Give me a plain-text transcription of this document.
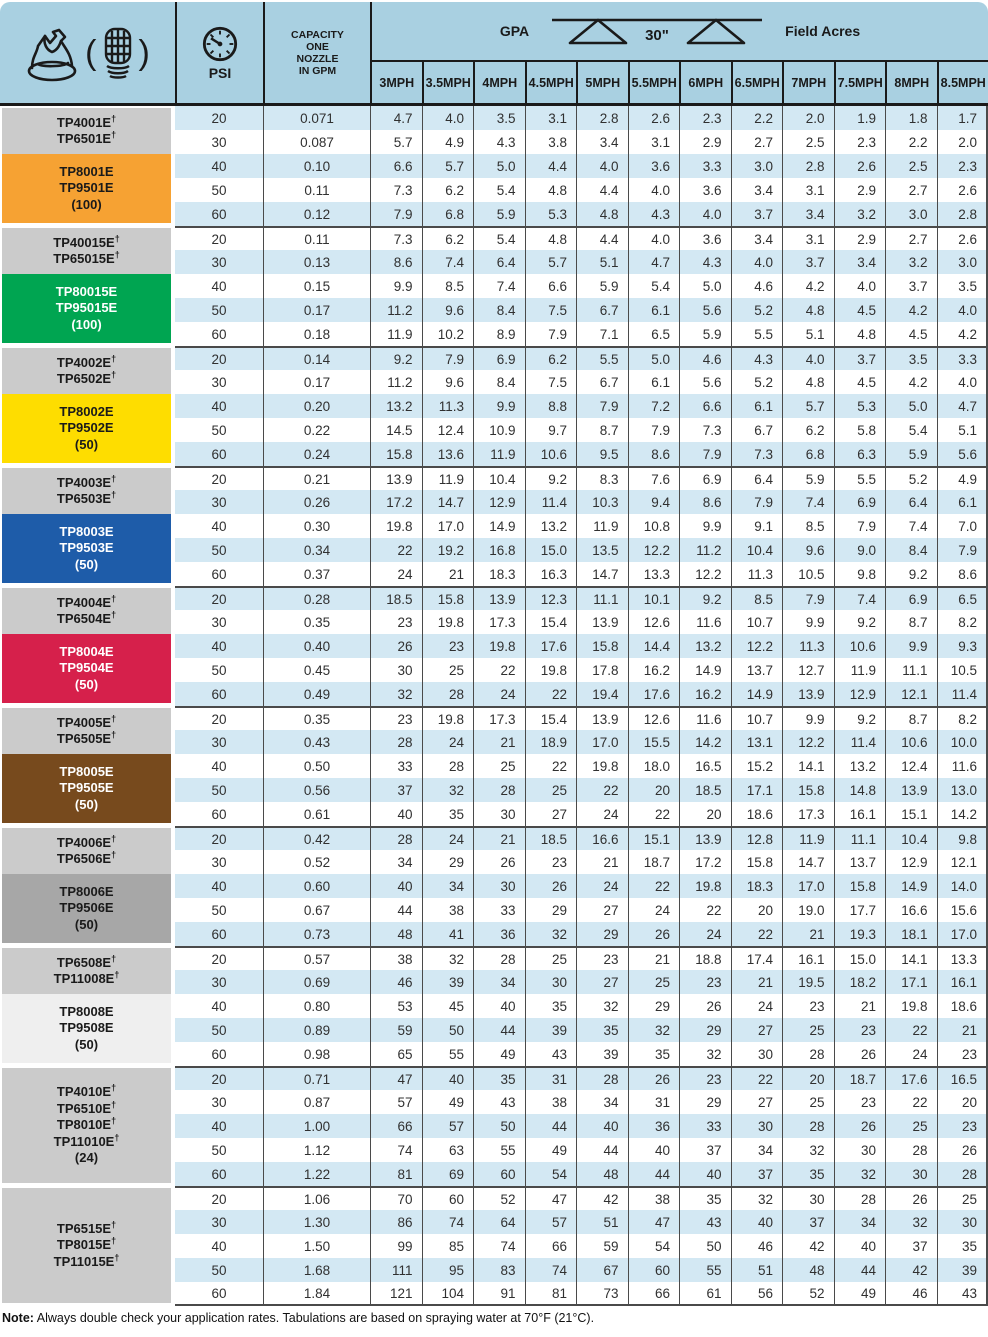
( )
PSI
CAPACITY
ONE
NOZZLE
IN GPM
GPA	30"	Field Acres
3 MPH 3.5 MPH 4 MPH 4.5 MPH 5 MPH 5.5 MPH 6 MPH 6.5 MPH 7 MPH 7.5 MPH 8 MPH 8.5 MPH
TP4001E†
TP6501E†
TP8001E
TP9501E
(100)
20	0.071	4.7	4.0	3.5	3.1	2.8	2.6	2.3	2.2	2.0	1.9	1.8	1.7
30	0.087	5.7	4.9	4.3	3.8	3.4	3.1	2.9	2.7	2.5	2.3	2.2	2.0
40	0.10	6.6	5.7	5.0	4.4	4.0	3.6	3.3	3.0	2.8	2.6	2.5	2.3
50	0.11	7.3	6.2	5.4	4.8	4.4	4.0	3.6	3.4	3.1	2.9	2.7	2.6
60	0.12	7.9	6.8	5.9	5.3	4.8	4.3	4.0	3.7	3.4	3.2	3.0	2.8
TP40015E†
TP65015E†
TP80015E
TP95015E
(100)
20	0.11	7.3	6.2	5.4	4.8	4.4	4.0	3.6	3.4	3.1	2.9	2.7	2.6
30	0.13	8.6	7.4	6.4	5.7	5.1	4.7	4.3	4.0	3.7	3.4	3.2	3.0
40	0.15	9.9	8.5	7.4	6.6	5.9	5.4	5.0	4.6	4.2	4.0	3.7	3.5
50	0.17	11.2	9.6	8.4	7.5	6.7	6.1	5.6	5.2	4.8	4.5	4.2	4.0
60	0.18	11.9	10.2	8.9	7.9	7.1	6.5	5.9	5.5	5.1	4.8	4.5	4.2
TP4002E†
TP6502E†
TP8002E
TP9502E
(50)
20	0.14	9.2	7.9	6.9	6.2	5.5	5.0	4.6	4.3	4.0	3.7	3.5	3.3
30	0.17	11.2	9.6	8.4	7.5	6.7	6.1	5.6	5.2	4.8	4.5	4.2	4.0
40	0.20	13.2	11.3	9.9	8.8	7.9	7.2	6.6	6.1	5.7	5.3	5.0	4.7
50	0.22	14.5	12.4	10.9	9.7	8.7	7.9	7.3	6.7	6.2	5.8	5.4	5.1
60	0.24	15.8	13.6	11.9	10.6	9.5	8.6	7.9	7.3	6.8	6.3	5.9	5.6
TP4003E†
TP6503E†
TP8003E
TP9503E
(50)
20	0.21	13.9	11.9	10.4	9.2	8.3	7.6	6.9	6.4	5.9	5.5	5.2	4.9
30	0.26	17.2	14.7	12.9	11.4	10.3	9.4	8.6	7.9	7.4	6.9	6.4	6.1
40	0.30	19.8	17.0	14.9	13.2	11.9	10.8	9.9	9.1	8.5	7.9	7.4	7.0
50	0.34	22	19.2	16.8	15.0	13.5	12.2	11.2	10.4	9.6	9.0	8.4	7.9
60	0.37	24	21	18.3	16.3	14.7	13.3	12.2	11.3	10.5	9.8	9.2	8.6
TP4004E†
TP6504E†
TP8004E
TP9504E
(50)
20	0.28	18.5	15.8	13.9	12.3	11.1	10.1	9.2	8.5	7.9	7.4	6.9	6.5
30	0.35	23	19.8	17.3	15.4	13.9	12.6	11.6	10.7	9.9	9.2	8.7	8.2
40	0.40	26	23	19.8	17.6	15.8	14.4	13.2	12.2	11.3	10.6	9.9	9.3
50	0.45	30	25	22	19.8	17.8	16.2	14.9	13.7	12.7	11.9	11.1	10.5
60	0.49	32	28	24	22	19.4	17.6	16.2	14.9	13.9	12.9	12.1	11.4
TP4005E†
TP6505E†
TP8005E
TP9505E
(50)
20	0.35	23	19.8	17.3	15.4	13.9	12.6	11.6	10.7	9.9	9.2	8.7	8.2
30	0.43	28	24	21	18.9	17.0	15.5	14.2	13.1	12.2	11.4	10.6	10.0
40	0.50	33	28	25	22	19.8	18.0	16.5	15.2	14.1	13.2	12.4	11.6
50	0.56	37	32	28	25	22	20	18.5	17.1	15.8	14.8	13.9	13.0
60	0.61	40	35	30	27	24	22	20	18.6	17.3	16.1	15.1	14.2
TP4006E†
TP6506E†
TP8006E
TP9506E
(50)
20	0.42	28	24	21	18.5	16.6	15.1	13.9	12.8	11.9	11.1	10.4	9.8
30	0.52	34	29	26	23	21	18.7	17.2	15.8	14.7	13.7	12.9	12.1
40	0.60	40	34	30	26	24	22	19.8	18.3	17.0	15.8	14.9	14.0
50	0.67	44	38	33	29	27	24	22	20	19.0	17.7	16.6	15.6
60	0.73	48	41	36	32	29	26	24	22	21	19.3	18.1	17.0
TP6508E†
TP11008E†
TP8008E
TP9508E
(50)
20	0.57	38	32	28	25	23	21	18.8	17.4	16.1	15.0	14.1	13.3
30	0.69	46	39	34	30	27	25	23	21	19.5	18.2	17.1	16.1
40	0.80	53	45	40	35	32	29	26	24	23	21	19.8	18.6
50	0.89	59	50	44	39	35	32	29	27	25	23	22	21
60	0.98	65	55	49	43	39	35	32	30	28	26	24	23
TP4010E†
TP6510E†
TP8010E†
TP11010E†
(24)
20	0.71	47	40	35	31	28	26	23	22	20	18.7	17.6	16.5
30	0.87	57	49	43	38	34	31	29	27	25	23	22	20
40	1.00	66	57	50	44	40	36	33	30	28	26	25	23
50	1.12	74	63	55	49	44	40	37	34	32	30	28	26
60	1.22	81	69	60	54	48	44	40	37	35	32	30	28
TP6515E†
TP8015E†
TP11015E†
20	1.06	70	60	52	47	42	38	35	32	30	28	26	25
30	1.30	86	74	64	57	51	47	43	40	37	34	32	30
40	1.50	99	85	74	66	59	54	50	46	42	40	37	35
50	1.68	111	95	83	74	67	60	55	51	48	44	42	39
60	1.84	121	104	91	81	73	66	61	56	52	49	46	43
Note: Always double check your application rates. Tabulations are based on spraying water at 70°F (21°C).
